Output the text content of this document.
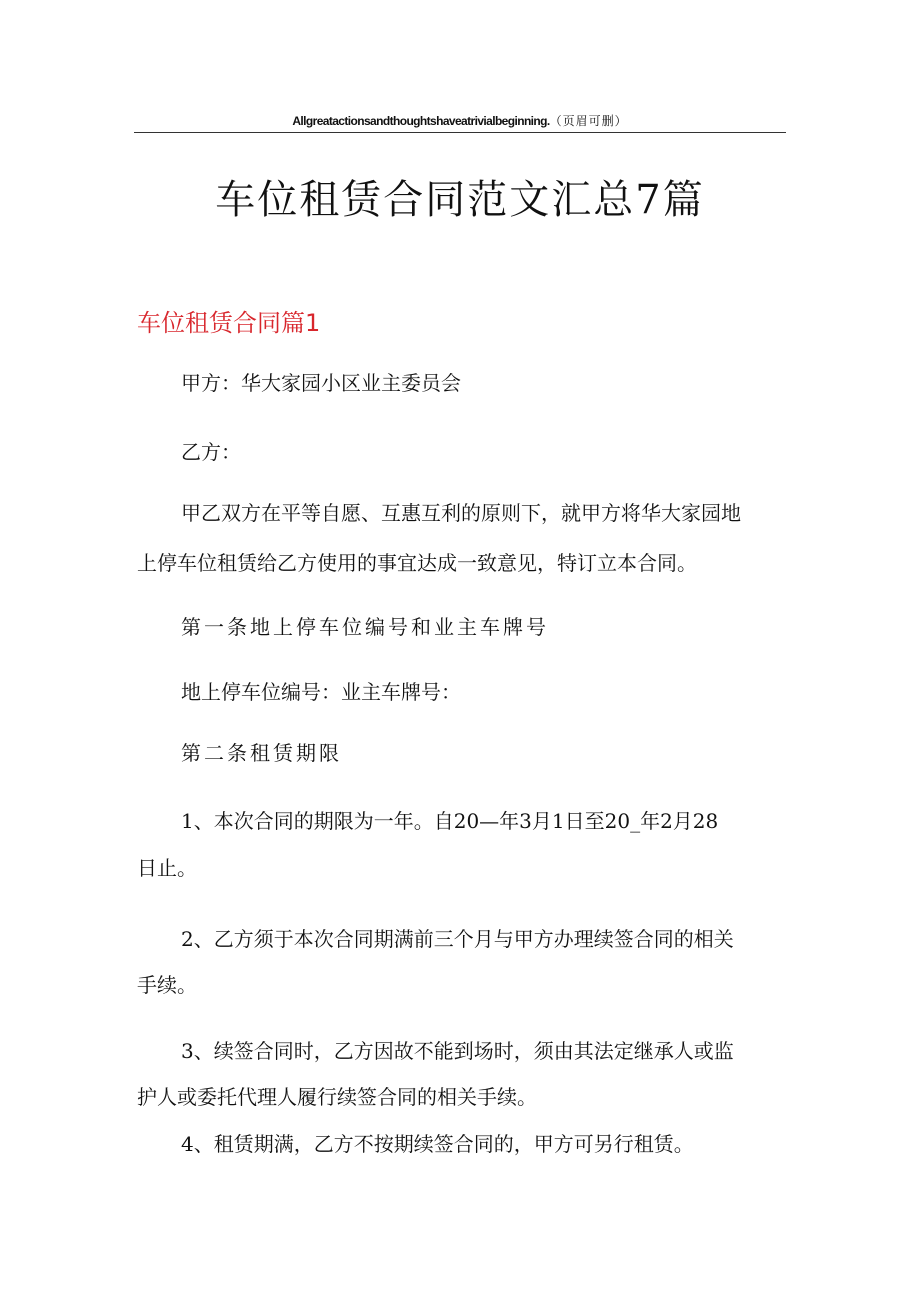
Allgreatactionsandthoughtshaveatrivialbeginning.（页眉可删）
车位租赁合同范文汇总7篇
车位租赁合同篇1
甲方：华大家园小区业主委员会
乙方：
甲乙双方在平等自愿、互惠互利的原则下，就甲方将华大家园地
上停车位租赁给乙方使用的事宜达成一致意见，特订立本合同。
第一条地上停车位编号和业主车牌号
地上停车位编号：业主车牌号：
第二条租赁期限
1、本次合同的期限为一年。自20—年3月1日至20_年2月28
日止。
2、乙方须于本次合同期满前三个月与甲方办理续签合同的相关
手续。
3、续签合同时，乙方因故不能到场时，须由其法定继承人或监
护人或委托代理人履行续签合同的相关手续。
4、租赁期满，乙方不按期续签合同的，甲方可另行租赁。
